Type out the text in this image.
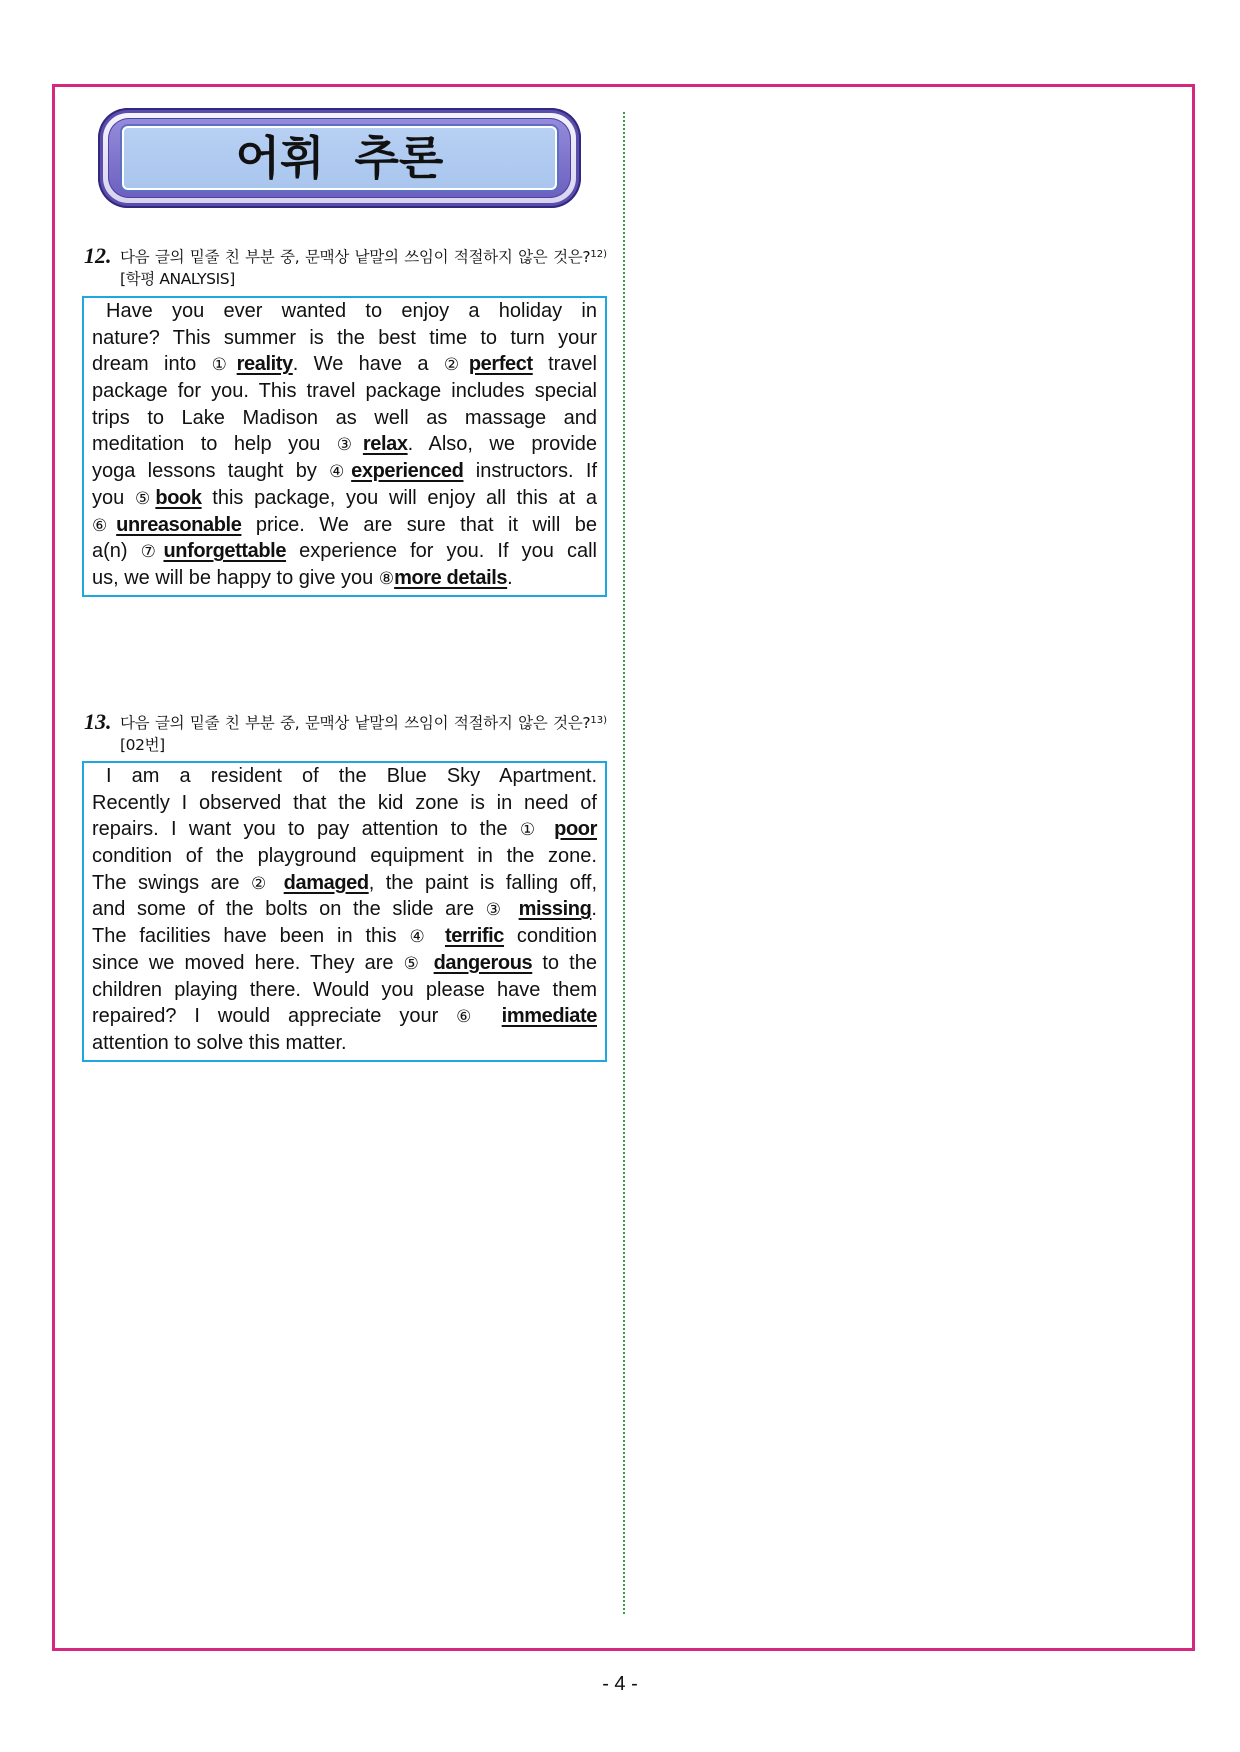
어휘 추론
12. 다음 글의 밑줄 친 부분 중, 문맥상 낱말의 쓰임이 적절하지 않은 것은?$^{12)}$[학평 ANALYSIS]
Have you ever wanted to enjoy a holiday in
nature? This summer is the best time to turn your
dream into ①reality. We have a ②perfect travel
package for you. This travel package includes special
trips to Lake Madison as well as massage and
meditation to help you ③relax. Also, we provide
yoga lessons taught by ④experienced instructors. If
you ⑤book this package, you will enjoy all this at a
⑥unreasonable price. We are sure that it will be
a(n) ⑦unforgettable experience for you. If you call
us, we will be happy to give you ⑧more details.
13. 다음 글의 밑줄 친 부분 중, 문맥상 낱말의 쓰임이 적절하지 않은 것은?$^{13)}$[02번]
I am a resident of the Blue Sky Apartment.
Recently I observed that the kid zone is in need of
repairs. I want you to pay attention to the ① poor
condition of the playground equipment in the zone.
The swings are ② damaged, the paint is falling off,
and some of the bolts on the slide are ③ missing.
The facilities have been in this ④ terrific condition
since we moved here. They are ⑤ dangerous to the
children playing there. Would you please have them
repaired? I would appreciate your ⑥ immediate
attention to solve this matter.
- 4 -
